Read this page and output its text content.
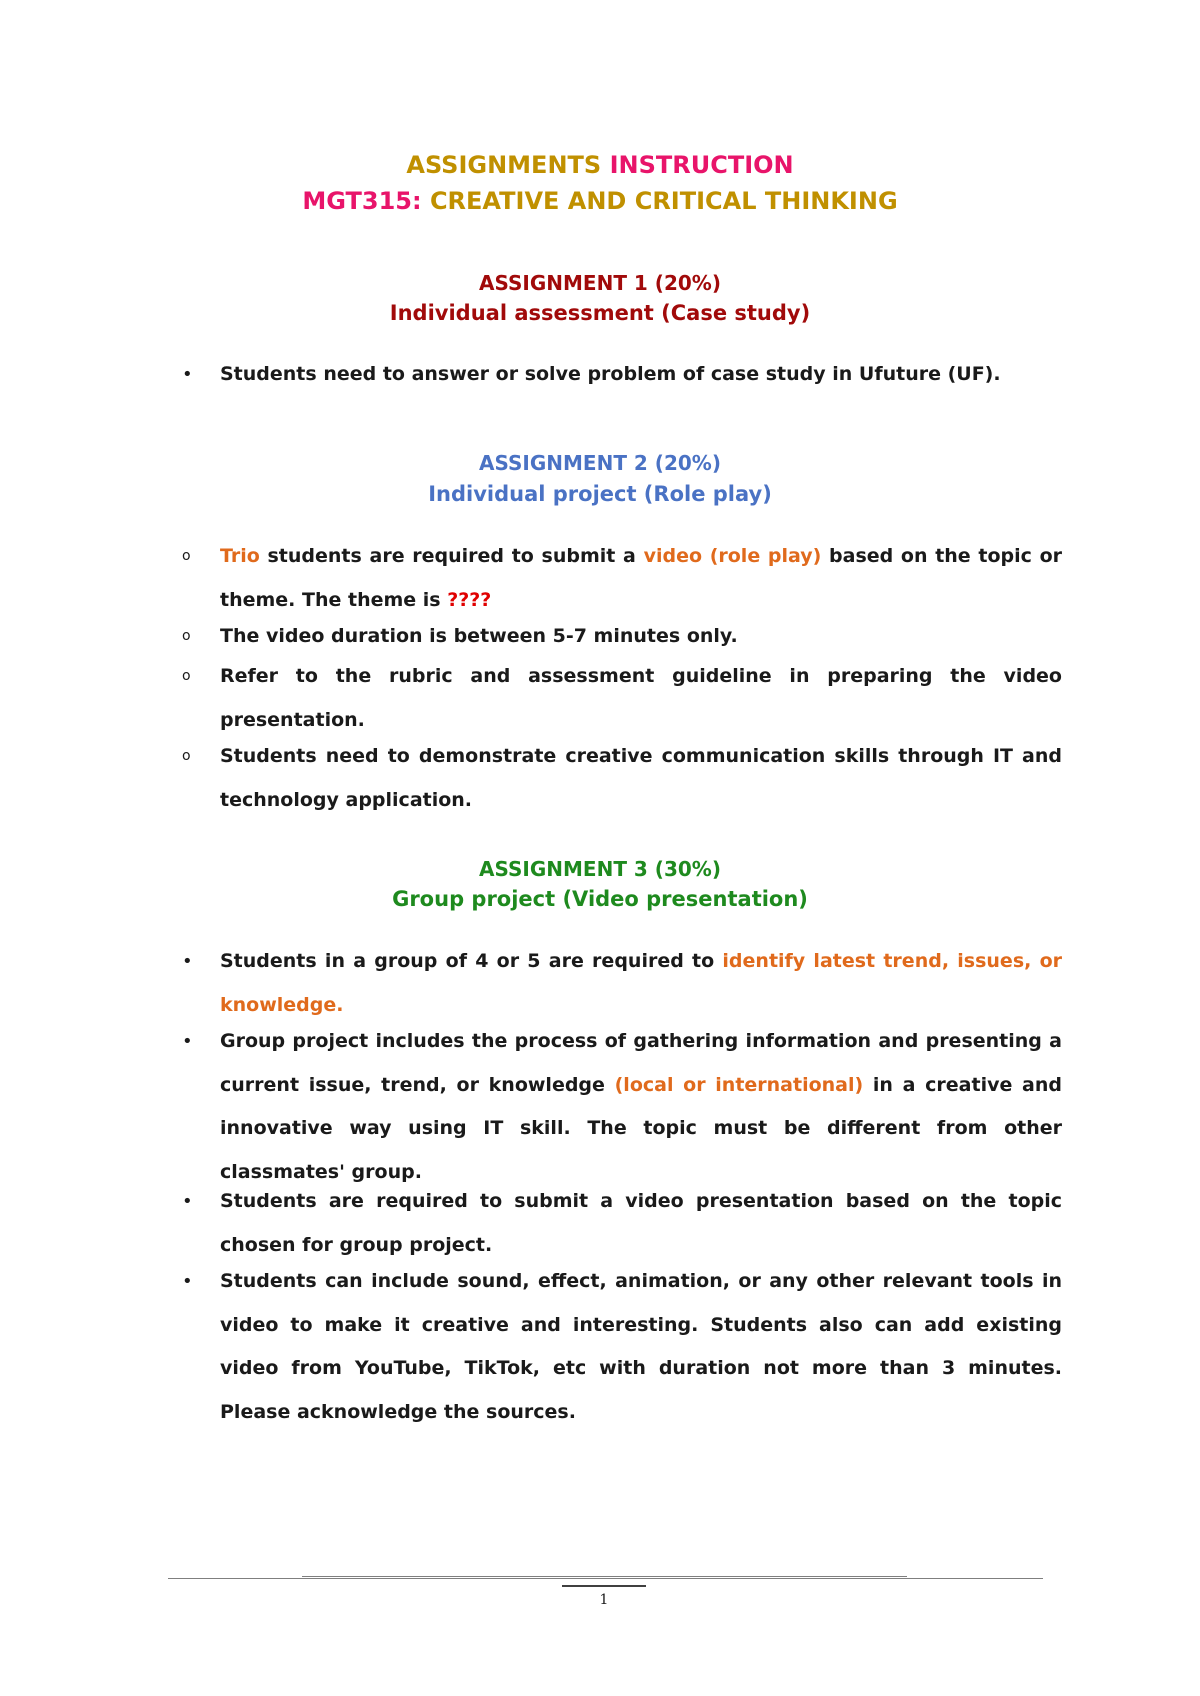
ASSIGNMENTS INSTRUCTION
MGT315: CREATIVE AND CRITICAL THINKING
ASSIGNMENT 1 (20%)
Individual assessment (Case study)
• Students need to answer or solve problem of case study in Ufuture (UF).

ASSIGNMENT 2 (20%)
Individual project (Role play)
o Trio students are required to submit a video (role play) based on the topic or theme. The theme is ????

o The video duration is between 5-7 minutes only.

o Refer to the rubric and assessment guideline in preparing the video presentation.

o Students need to demonstrate creative communication skills through IT and technology application.

ASSIGNMENT 3 (30%)
Group project (Video presentation)
• Students in a group of 4 or 5 are required to identify latest trend, issues, or knowledge.

• Group project includes the process of gathering information and presenting a current issue, trend, or knowledge (local or international) in a creative and innovative way using IT skill. The topic must be different from other classmates' group.

• Students are required to submit a video presentation based on the topic chosen for group project.

• Students can include sound, effect, animation, or any other relevant tools in video to make it creative and interesting. Students also can add existing video from YouTube, TikTok, etc with duration not more than 3 minutes. Please acknowledge the sources.

1
